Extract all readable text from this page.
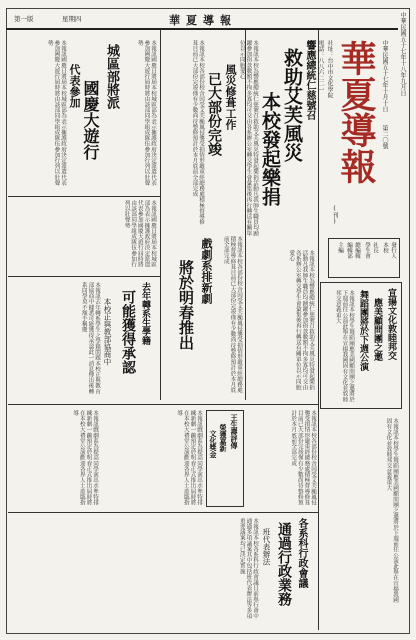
中華民國五十七年十八年九月日
華夏導報
第一版	星期四
華夏導報 中華民國五十七年十月十日
第二〇號
(刊)
社址：台中市文化學院
電話：八八六二二一
發行人
本校
社長
學生會
總編輯
編輯部
主編
宣揚文化敦睦邦交
應美顧問團之邀
舞蹈團將於下週公演
本報訊本校學生舞蹈團應美國顧問團之邀將於下週前往公演此舉在宣揚我國固有文化並敦睦邦交意義重大
本報訊本校學生舞蹈團應美國顧問團之邀將於下週前往公演此舉在宣揚我國固有文化並敦睦邦交意義重大
響應總統仁慈號召
救助艾芙風災
本校發起樂捐
本報訊本校為響應總統仁慈號召救助艾芙風災特發起樂捐活動凡我師生職員均踴躍參加捐款數額不拘多寡均可交由各系辦公室轉交學生會彙集後再行轉送有關單位以示同胞愛心
本報訊本校為響應總統仁慈號召救助艾芙風災特發起樂捐活動凡我師生職員均踴躍參加捐款數額不拘多寡均可交由各系辦公室轉交學生會彙集後再行轉送有關單位以示同胞愛心
風災修葺工作
已大部份完竣
本報訊本校各部份校舍因受艾芙颱風侵襲受損情形嚴重經總務處積極督導修葺目前已大部份完竣僅有少數尚待整修預計於本月底前全部完成
本報訊本校各部份校舍因受艾芙颱風侵襲受損情形嚴重經總務處積極督導修葺目前已大部份完竣僅有少數尚待整修預計於本月底前全部完成
城區部將派
代表參加 國慶大遊行
本報訊國慶日將屆本校城區部為表示擁護政府決定派遣代表參加國慶大遊行屆時將由該部同學組成隊伍參加行列以壯聲勢	本報訊國慶日將屆本校城區部為表示擁護政府決定派遣代表參加國慶大遊行屆時將由該部同學組成隊伍參加行列以壯聲勢
本報訊國慶日將屆本校城區部為表示擁護政府決定派遣代表參加國慶大遊行屆時將由該部同學組成隊伍參加行列以壯聲勢
去年轉系生學籍
可能獲得承認
本校正與教部協商中
本報訊去年轉系學生之學籍問題本校正與教育部協商中據悉可能獲得承認此一消息傳出後轉系同學莫不額手稱慶
戲劇系排新劇
將於明春推出
王生壽評傳
榮獲嘉新
文化獎金
本報訊戲劇系為提高同學演出水準特排練新劇一齣預定於明春正式推出屆時將在本校大禮堂公演歡迎各界人士蒞臨指導	本報訊戲劇系為提高同學演出水準特排練新劇一齣預定於明春正式推出屆時將在本校大禮堂公演歡迎各界人士蒞臨指導	本報訊本校各部份校舍因受艾芙颱風侵襲受損情形嚴重經總務處積極督導修葺目前已大部份完竣僅有少數尚待整修預計於本月底前全部完成
各系科行政會議
通過行政業務
班代表辦法
本報訊本校各系科行政會議日前舉行會中通過多項議案其中包括班代表辦法等多項重要議案均已決定實施
